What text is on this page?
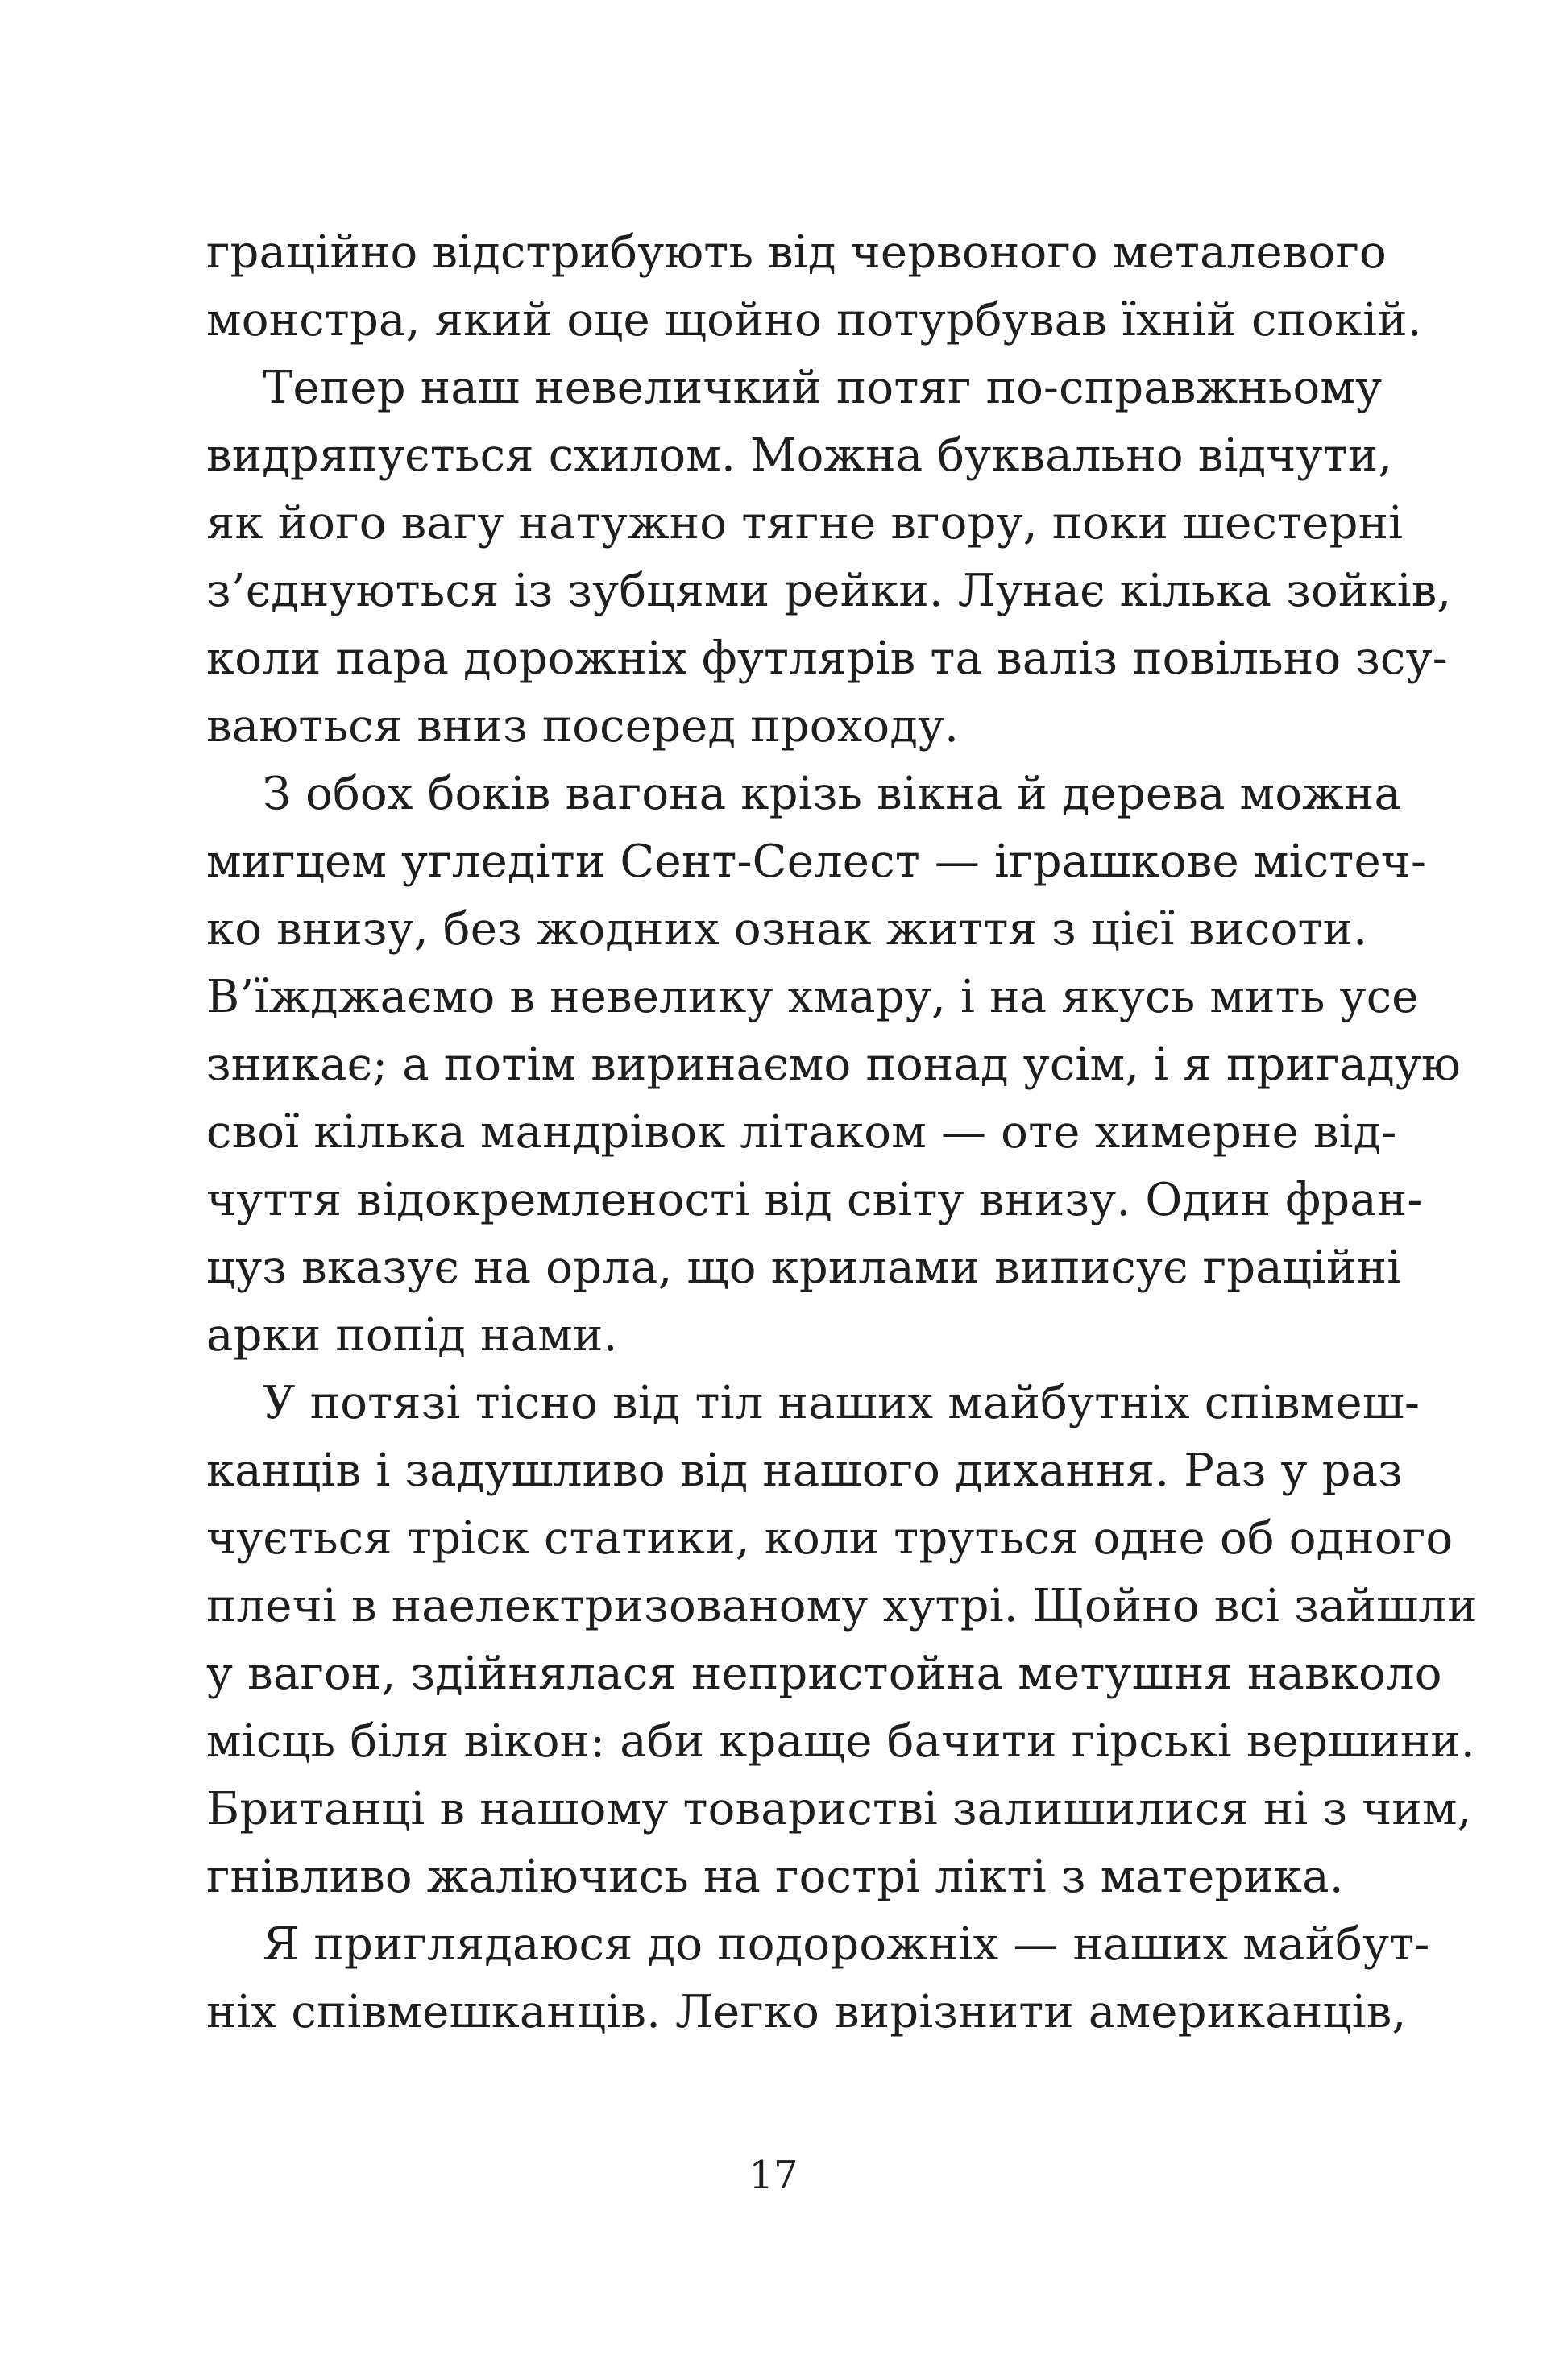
граційно відстрибують від червоного металевого
монстра, який оце щойно потурбував їхній спокій.
Тепер наш невеличкий потяг по-справжньому
видряпується схилом. Можна буквально відчути,
як його вагу натужно тягне вгору, поки шестерні
з’єднуються із зубцями рейки. Лунає кілька зойків,
коли пара дорожніх футлярів та валіз повільно зсу-
ваються вниз посеред проходу.
З обох боків вагона крізь вікна й дерева можна
мигцем угледіти Сент-Селест — іграшкове містеч-
ко внизу, без жодних ознак життя з цієї висоти.
В’їжджаємо в невелику хмару, і на якусь мить усе
зникає; а потім виринаємо понад усім, і я пригадую
свої кілька мандрівок літаком — оте химерне від-
чуття відокремленості від світу внизу. Один фран-
цуз вказує на орла, що крилами виписує граційні
арки попід нами.
У потязі тісно від тіл наших майбутніх співмеш-
канців і задушливо від нашого дихання. Раз у раз
чується тріск статики, коли труться одне об одного
плечі в наелектризованому хутрі. Щойно всі зайшли
у вагон, здійнялася непристойна метушня навколо
місць біля вікон: аби краще бачити гірські вершини.
Британці в нашому товаристві залишилися ні з чим,
гнівливо жаліючись на гострі лікті з материка.
Я приглядаюся до подорожніх — наших майбут-
ніх співмешканців. Легко вирізнити американців,
17
